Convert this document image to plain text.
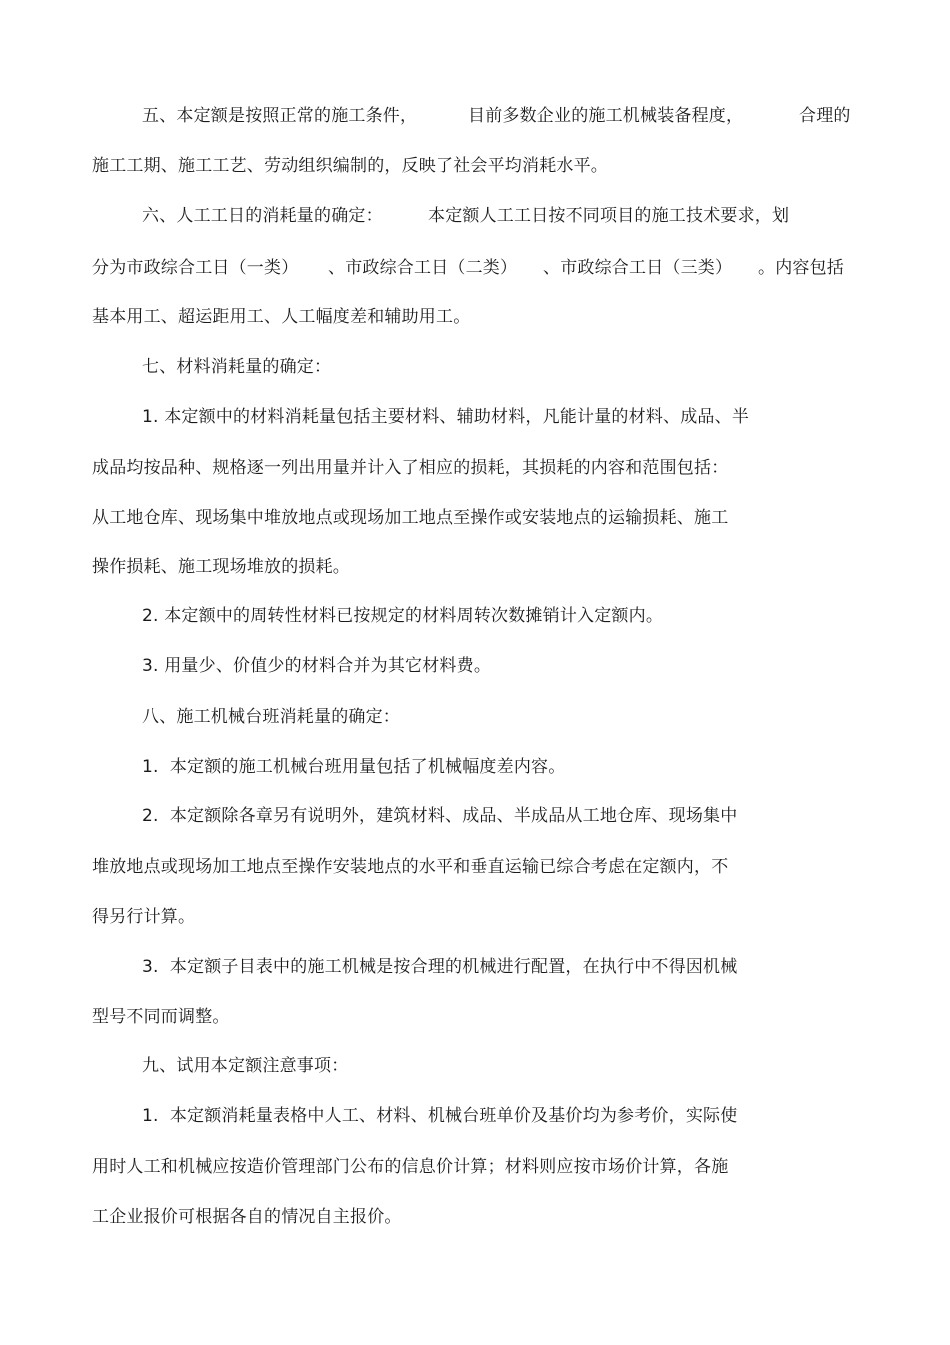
五、本定额是按照正常的施工条件，	目前多数企业的施工机械装备程度，	合理的
施工工期、施工工艺、劳动组织编制的，反映了社会平均消耗水平。
六、人工工日的消耗量的确定：	本定额人工工日按不同项目的施工技术要求，划
分为市政综合工日（一类） 、市政综合工日（二类） 、市政综合工日（三类） 。内容包括
基本用工、超运距用工、人工幅度差和辅助用工。
七、材料消耗量的确定：
1. 本定额中的材料消耗量包括主要材料、辅助材料，凡能计量的材料、成品、半
成品均按品种、规格逐一列出用量并计入了相应的损耗，其损耗的内容和范围包括：
从工地仓库、现场集中堆放地点或现场加工地点至操作或安装地点的运输损耗、施工
操作损耗、施工现场堆放的损耗。
2. 本定额中的周转性材料已按规定的材料周转次数摊销计入定额内。
3. 用量少、价值少的材料合并为其它材料费。
八、施工机械台班消耗量的确定：
1.  本定额的施工机械台班用量包括了机械幅度差内容。
2.  本定额除各章另有说明外，建筑材料、成品、半成品从工地仓库、现场集中
堆放地点或现场加工地点至操作安装地点的水平和垂直运输已综合考虑在定额内，不
得另行计算。
3.  本定额子目表中的施工机械是按合理的机械进行配置，在执行中不得因机械
型号不同而调整。
九、试用本定额注意事项：
1.  本定额消耗量表格中人工、材料、机械台班单价及基价均为参考价，实际使
用时人工和机械应按造价管理部门公布的信息价计算；材料则应按市场价计算，各施
工企业报价可根据各自的情况自主报价。
